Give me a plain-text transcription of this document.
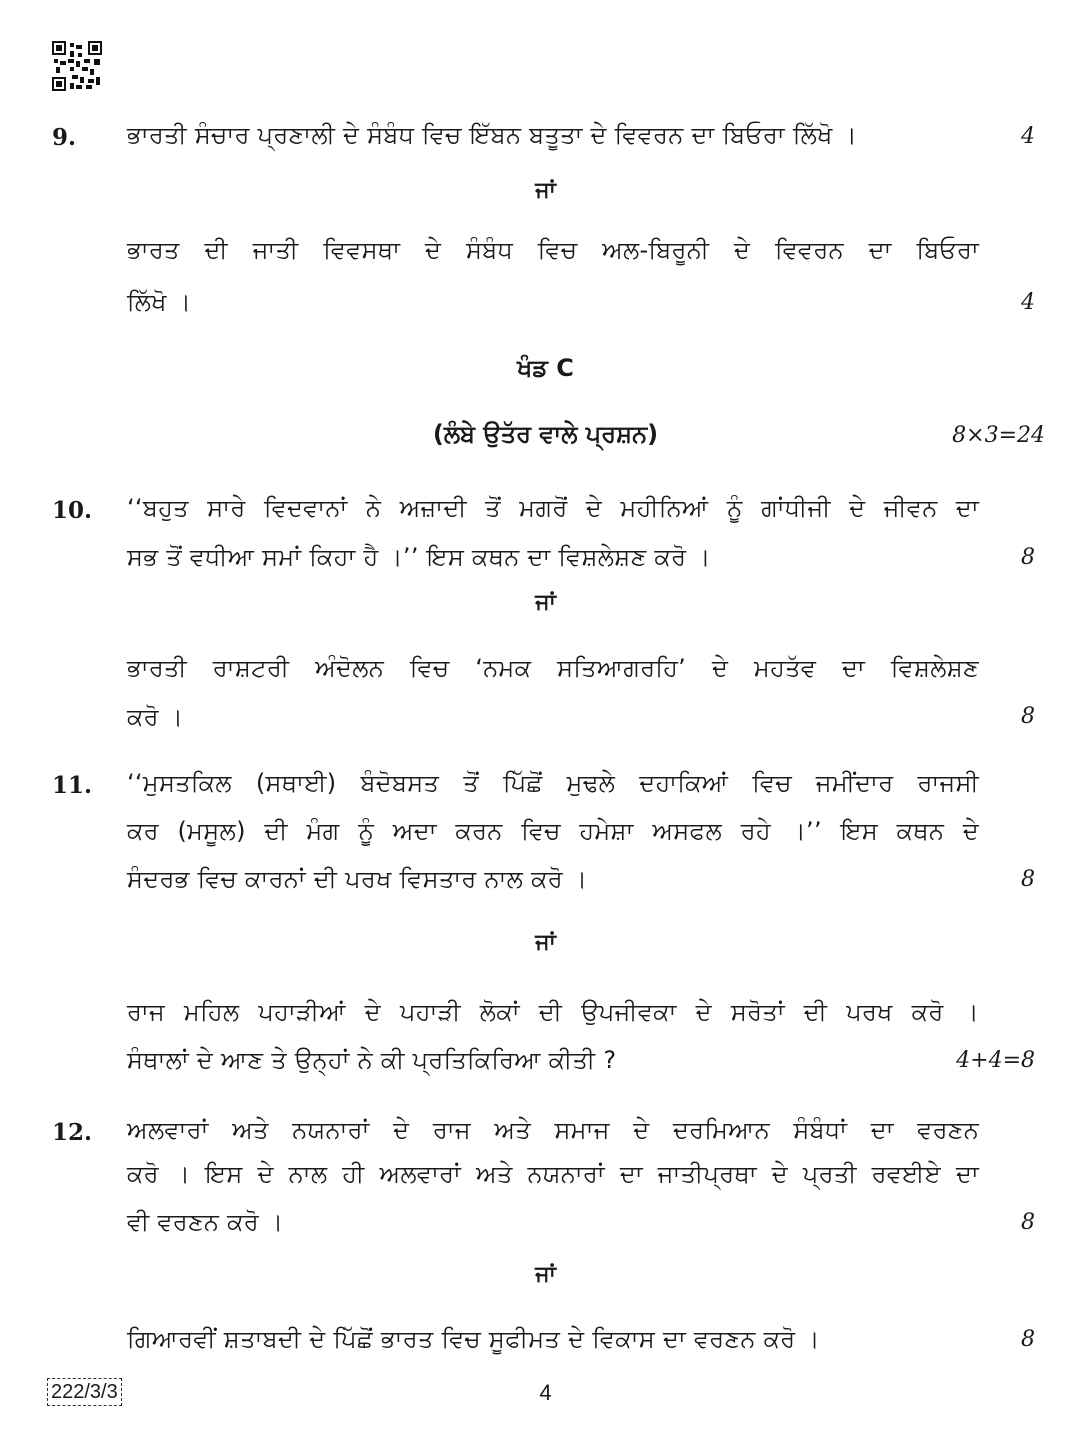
9. ਭਾਰਤੀ ਸੰਚਾਰ ਪ੍ਰਣਾਲੀ ਦੇ ਸੰਬੰਧ ਵਿਚ ਇੱਬਨ ਬਤੂਤਾ ਦੇ ਵਿਵਰਨ ਦਾ ਬਿਓਰਾ ਲਿੱਖੋ ।	4
ਜਾਂ
ਭਾਰਤ ਦੀ ਜਾਤੀ ਵਿਵਸਥਾ ਦੇ ਸੰਬੰਧ ਵਿਚ ਅਲ-ਬਿਰੂਨੀ ਦੇ ਵਿਵਰਨ ਦਾ ਬਿਓਰਾ
ਲਿੱਖੋ ।	4
ਖੰਡ C
(ਲੰਬੇ ਉਤੱਰ ਵਾਲੇ ਪ੍ਰਸ਼ਨ)	8×3=24
10. ‘‘ਬਹੁਤ ਸਾਰੇ ਵਿਦਵਾਨਾਂ ਨੇ ਅਜ਼ਾਦੀ ਤੋਂ ਮਗਰੋਂ ਦੇ ਮਹੀਨਿਆਂ ਨੂੰ ਗਾਂਧੀਜੀ ਦੇ ਜੀਵਨ ਦਾ
ਸਭ ਤੋਂ ਵਧੀਆ ਸਮਾਂ ਕਿਹਾ ਹੈ ।’’ ਇਸ ਕਥਨ ਦਾ ਵਿਸ਼ਲੇਸ਼ਣ ਕਰੋ ।	8
ਜਾਂ
ਭਾਰਤੀ ਰਾਸ਼ਟਰੀ ਅੰਦੋਲਨ ਵਿਚ ‘ਨਮਕ ਸਤਿਆਗਰਹਿ’ ਦੇ ਮਹਤੱਵ ਦਾ ਵਿਸ਼ਲੇਸ਼ਣ
ਕਰੋ ।	8
11. ‘‘ਮੁਸਤਕਿਲ (ਸਥਾਈ) ਬੰਦੋਬਸਤ ਤੋਂ ਪਿੱਛੋਂ ਮੁਢਲੇ ਦਹਾਕਿਆਂ ਵਿਚ ਜਮੀਂਦਾਰ ਰਾਜਸੀ
ਕਰ (ਮਸੂਲ) ਦੀ ਮੰਗ ਨੂੰ ਅਦਾ ਕਰਨ ਵਿਚ ਹਮੇਸ਼ਾ ਅਸਫਲ ਰਹੇ ।’’ ਇਸ ਕਥਨ ਦੇ
ਸੰਦਰਭ ਵਿਚ ਕਾਰਨਾਂ ਦੀ ਪਰਖ ਵਿਸਤਾਰ ਨਾਲ ਕਰੋ ।	8
ਜਾਂ
ਰਾਜ ਮਹਿਲ ਪਹਾੜੀਆਂ ਦੇ ਪਹਾੜੀ ਲੋਕਾਂ ਦੀ ਉਪਜੀਵਕਾ ਦੇ ਸਰੋਤਾਂ ਦੀ ਪਰਖ ਕਰੋ ।
ਸੰਥਾਲਾਂ ਦੇ ਆਣ ਤੇ ਉਨ੍ਹਾਂ ਨੇ ਕੀ ਪ੍ਰਤਿਕਿਰਿਆ ਕੀਤੀ ?	4+4=8
12. ਅਲਵਾਰਾਂ ਅਤੇ ਨਯਨਾਰਾਂ ਦੇ ਰਾਜ ਅਤੇ ਸਮਾਜ ਦੇ ਦਰਮਿਆਨ ਸੰਬੰਧਾਂ ਦਾ ਵਰਣਨ
ਕਰੋ । ਇਸ ਦੇ ਨਾਲ ਹੀ ਅਲਵਾਰਾਂ ਅਤੇ ਨਯਨਾਰਾਂ ਦਾ ਜਾਤੀਪ੍ਰਥਾ ਦੇ ਪ੍ਰਤੀ ਰਵਈਏ ਦਾ
ਵੀ ਵਰਣਨ ਕਰੋ ।	8
ਜਾਂ
ਗਿਆਰਵੀਂ ਸ਼ਤਾਬਦੀ ਦੇ ਪਿੱਛੋਂ ਭਾਰਤ ਵਿਚ ਸੂਫੀਮਤ ਦੇ ਵਿਕਾਸ ਦਾ ਵਰਣਨ ਕਰੋ ।	8
222/3/3	4
